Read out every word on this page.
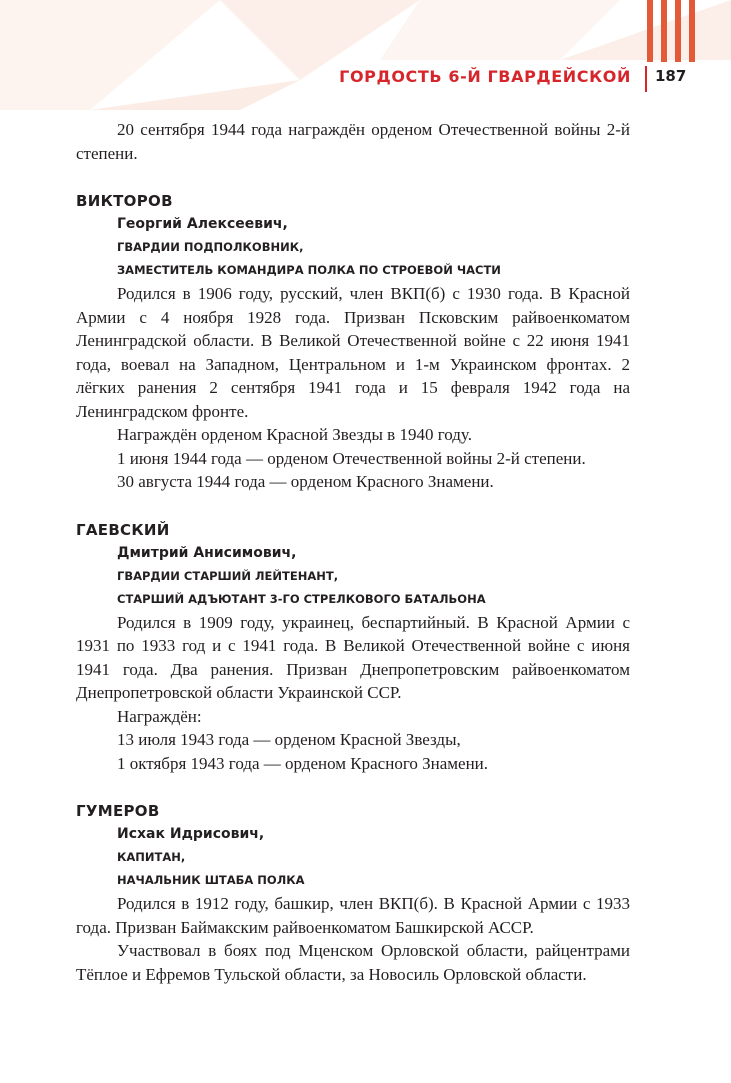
ГОРДОСТЬ 6-Й ГВАРДЕЙСКОЙ 187

20 сентября 1944 года награждён орденом Отечественной войны 2-й степени.

ВИКТОРОВ
Георгий Алексеевич,
ГВАРДИИ ПОДПОЛКОВНИК,
ЗАМЕСТИТЕЛЬ КОМАНДИРА ПОЛКА ПО СТРОЕВОЙ ЧАСТИ

Родился в 1906 году, русский, член ВКП(б) с 1930 года. В Красной Армии с 4 ноября 1928 года. Призван Псковским райвоенкоматом Ленинградской области. В Великой Отечественной войне с 22 июня 1941 года, воевал на Западном, Центральном и 1-м Украинском фронтах. 2 лёгких ранения 2 сентября 1941 года и 15 февраля 1942 года на Ленинградском фронте.

Награждён орденом Красной Звезды в 1940 году.

1 июня 1944 года — орденом Отечественной войны 2-й степени.

30 августа 1944 года — орденом Красного Знамени.

ГАЕВСКИЙ
Дмитрий Анисимович,
ГВАРДИИ СТАРШИЙ ЛЕЙТЕНАНТ,
СТАРШИЙ АДЪЮТАНТ 3-ГО СТРЕЛКОВОГО БАТАЛЬОНА

Родился в 1909 году, украинец, беспартийный. В Красной Армии с 1931 по 1933 год и с 1941 года. В Великой Отечественной войне с июня 1941 года. Два ранения. Призван Днепропетровским райвоенкоматом Днепропетровской области Украинской ССР.

Награждён:

13 июля 1943 года — орденом Красной Звезды,

1 октября 1943 года — орденом Красного Знамени.

ГУМЕРОВ
Исхак Идрисович,
КАПИТАН,
НАЧАЛЬНИК ШТАБА ПОЛКА

Родился в 1912 году, башкир, член ВКП(б). В Красной Армии с 1933 года. Призван Баймакским райвоенкоматом Башкирской АССР.

Участвовал в боях под Мценском Орловской области, райцентрами Тёплое и Ефремов Тульской области, за Новосиль Орловской области.
